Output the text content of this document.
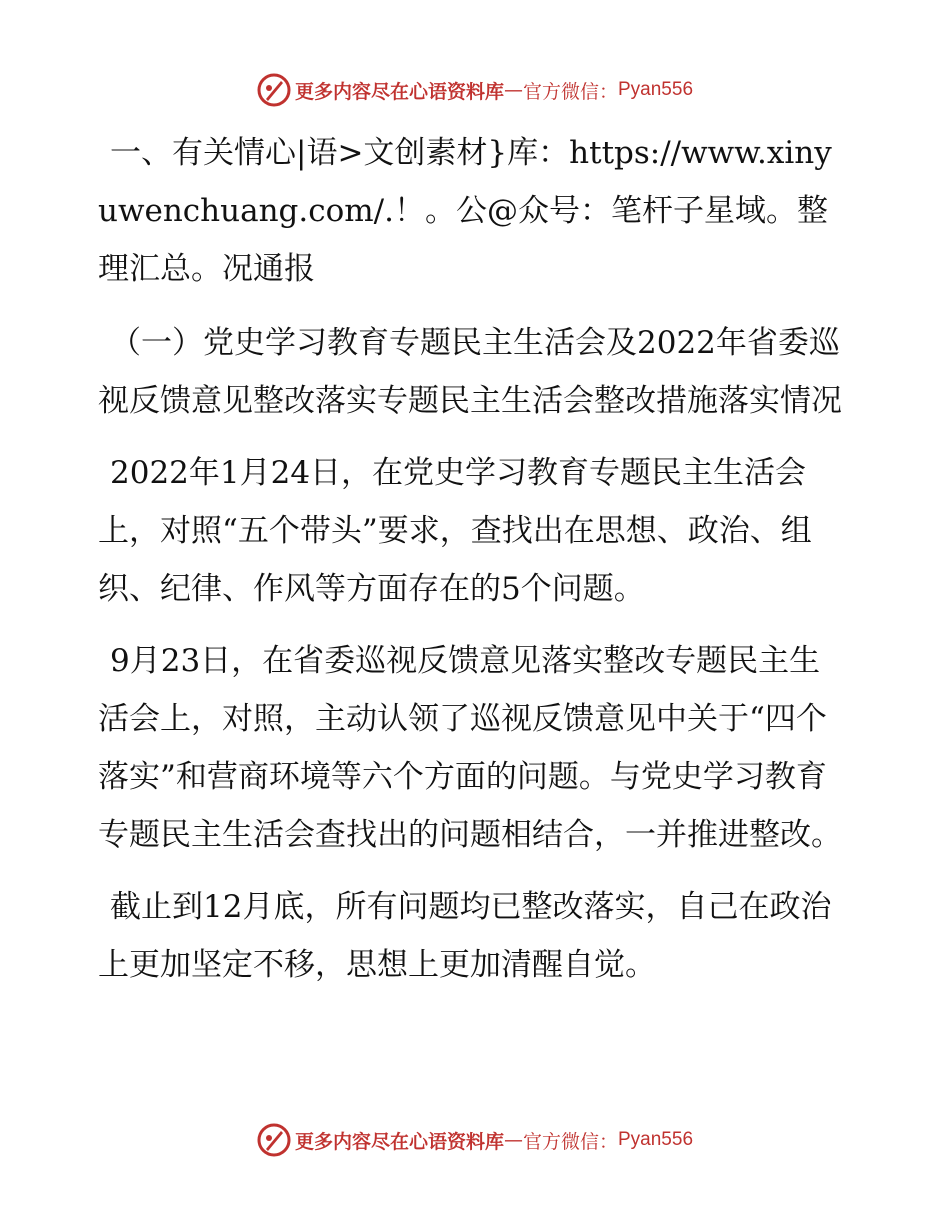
更多内容尽在心语资料库 — 官方微信： Pyan556

一、有关情心|语>文创素材}库：https://www.xinyuwenchuang.com/.！。公@众号：笔杆子星域。整理汇总。况通报

（一）党史学习教育专题民主生活会及2022年省委巡视反馈意见整改落实专题民主生活会整改措施落实情况

2022年1月24日，在党史学习教育专题民主生活会上，对照“五个带头”要求，查找出在思想、政治、组织、纪律、作风等方面存在的5个问题。

9月23日，在省委巡视反馈意见落实整改专题民主生活会上，对照，主动认领了巡视反馈意见中关于“四个落实”和营商环境等六个方面的问题。与党史学习教育专题民主生活会查找出的问题相结合，一并推进整改。

截止到12月底，所有问题均已整改落实，自己在政治上更加坚定不移，思想上更加清醒自觉。

更多内容尽在心语资料库 — 官方微信： Pyan556
